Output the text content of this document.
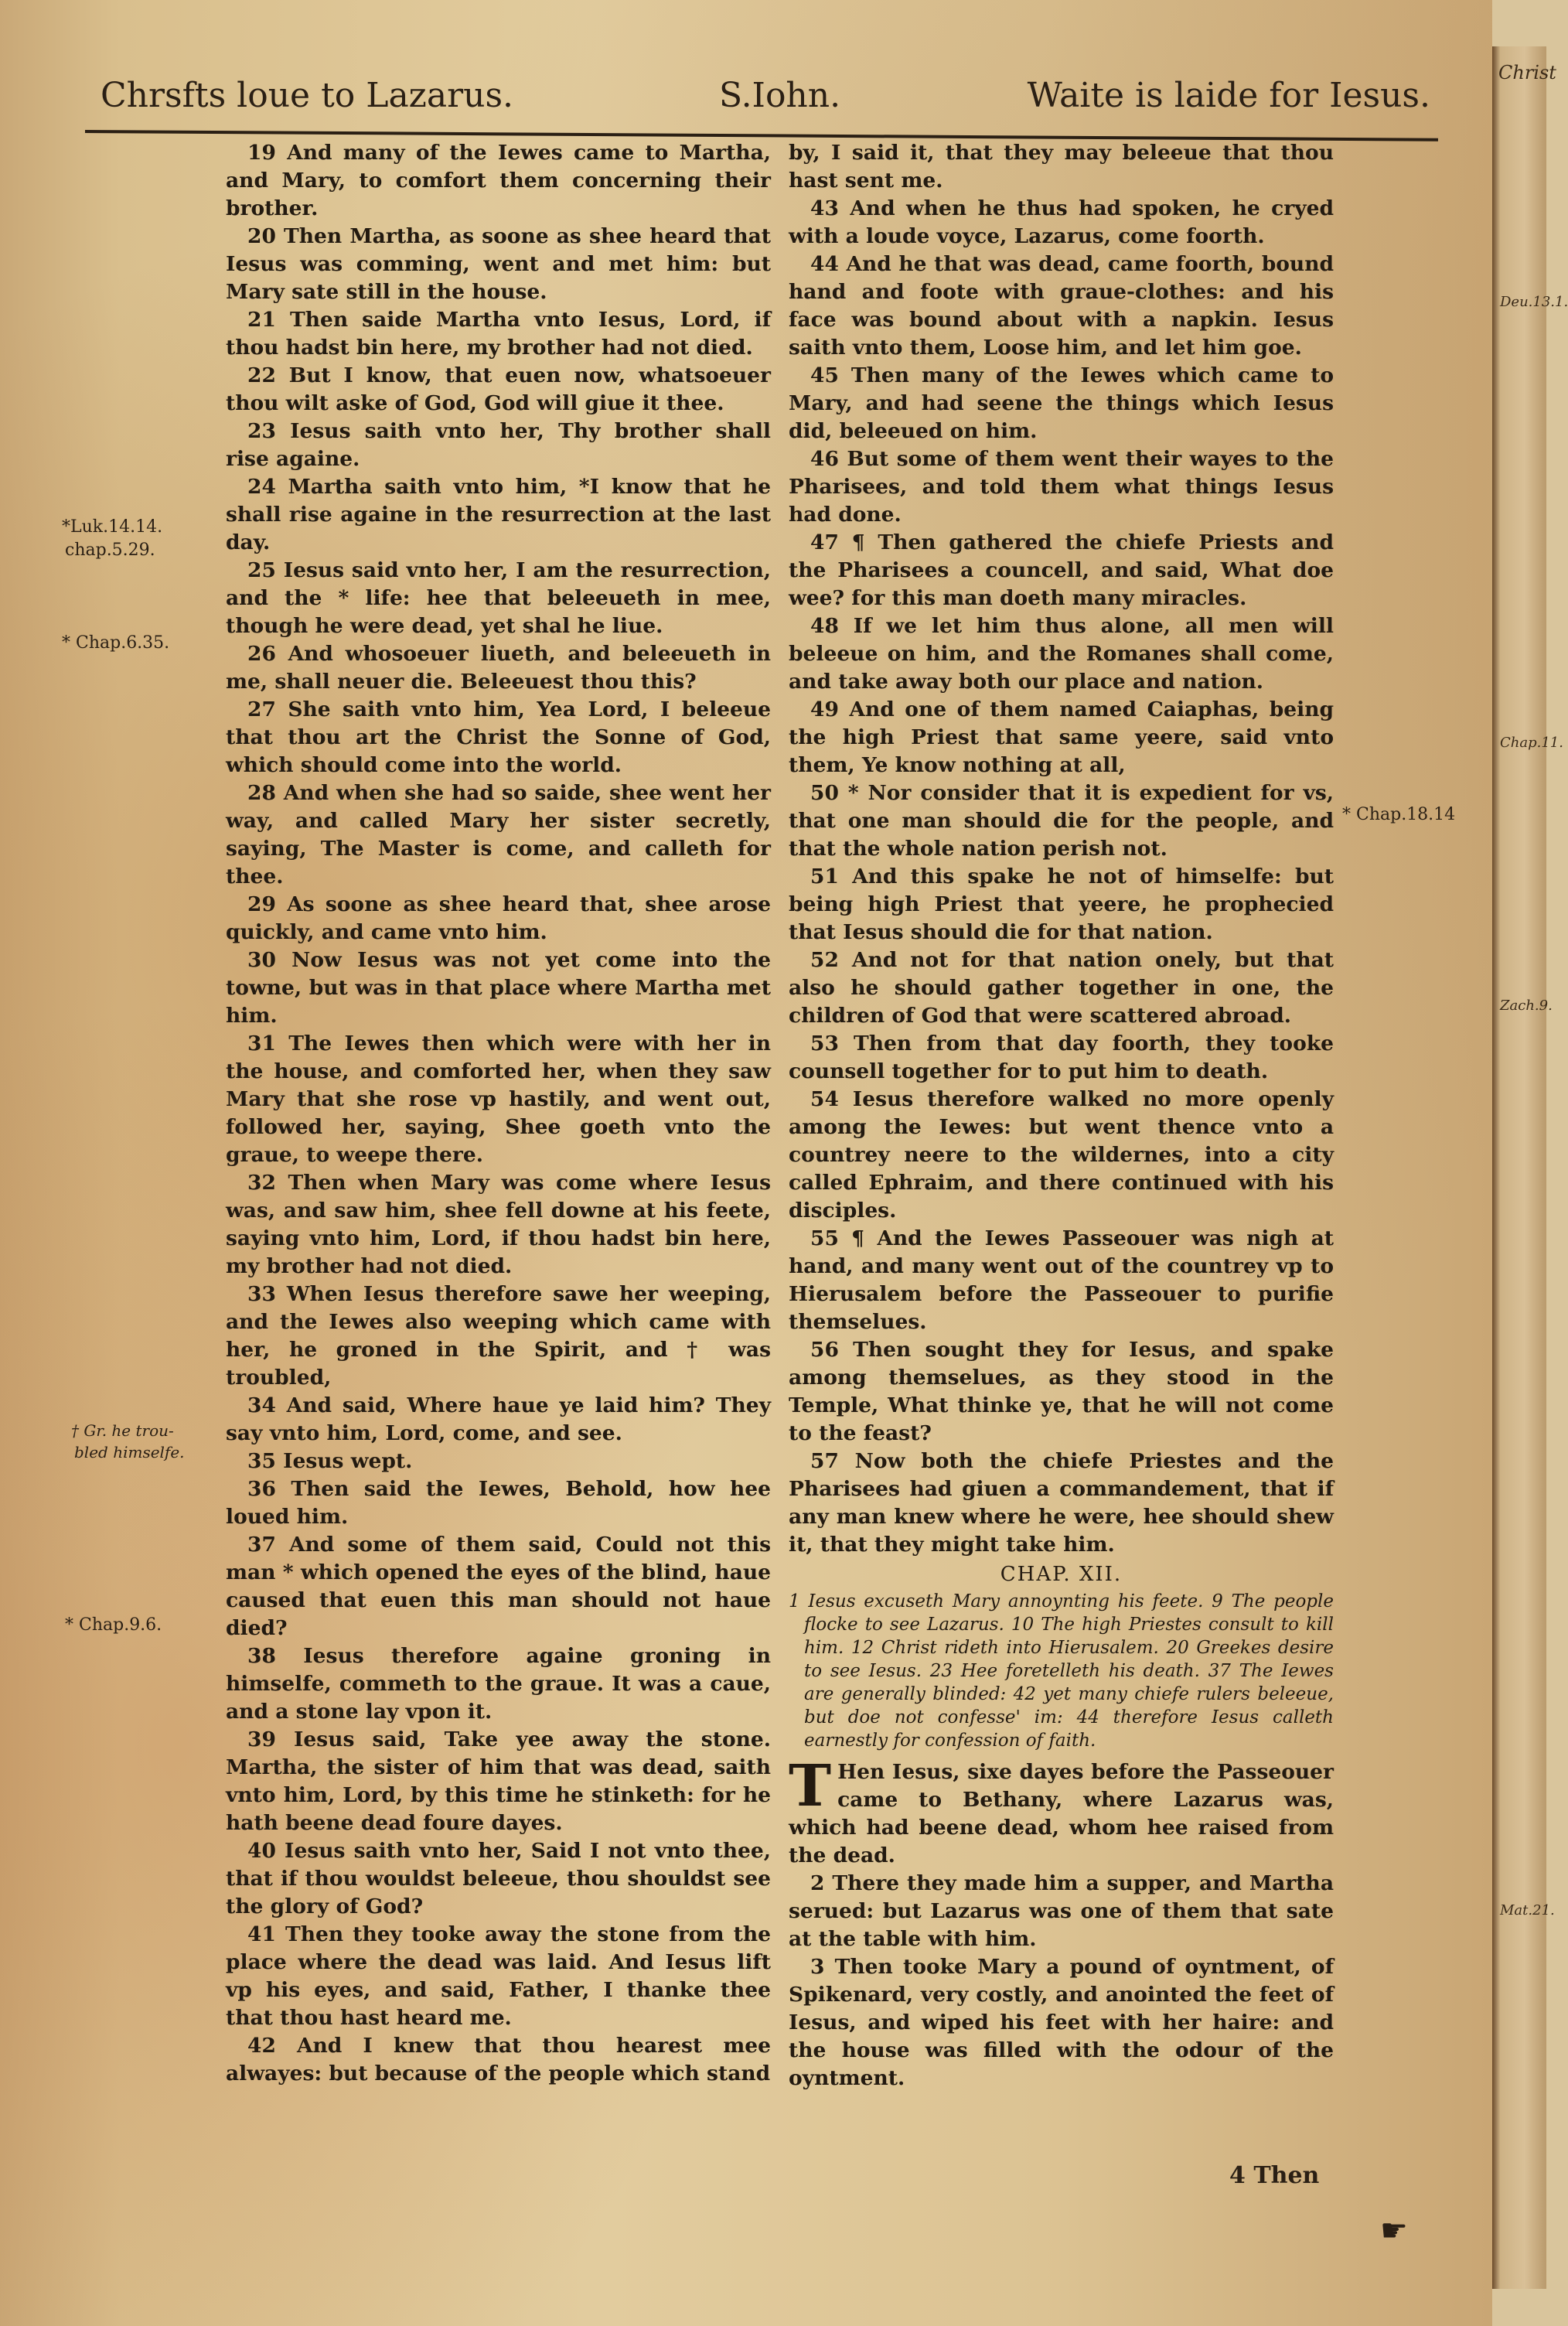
Chrsfts loue to Lazarus.	S.Iohn.	Waite is laide for Iesus.

19 And many of the Iewes came to Martha, and Mary, to comfort them concerning their brother.

20 Then Martha, as soone as shee heard that Iesus was comming, went and met him: but Mary sate still in the house.

21 Then saide Martha vnto Iesus, Lord, if thou hadst bin here, my brother had not died.

22 But I know, that euen now, whatsoeuer thou wilt aske of God, God will giue it thee.

23 Iesus saith vnto her, Thy brother shall rise againe.

24 Martha saith vnto him, *I know that he shall rise againe in the resurrection at the last day.

25 Iesus said vnto her, I am the resurrection, and the * life: hee that beleeueth in mee, though he were dead, yet shal he liue.

26 And whosoeuer liueth, and beleeueth in me, shall neuer die. Beleeuest thou this?

27 She saith vnto him, Yea Lord, I beleeue that thou art the Christ the Sonne of God, which should come into the world.

28 And when she had so saide, shee went her way, and called Mary her sister secretly, saying, The Master is come, and calleth for thee.

29 As soone as shee heard that, shee arose quickly, and came vnto him.

30 Now Iesus was not yet come into the towne, but was in that place where Martha met him.

31 The Iewes then which were with her in the house, and comforted her, when they saw Mary that she rose vp hastily, and went out, followed her, saying, Shee goeth vnto the graue, to weepe there.

32 Then when Mary was come where Iesus was, and saw him, shee fell downe at his feete, saying vnto him, Lord, if thou hadst bin here, my brother had not died.

33 When Iesus therefore sawe her weeping, and the Iewes also weeping which came with her, he groned in the Spirit, and † was troubled,

34 And said, Where haue ye laid him? They say vnto him, Lord, come, and see.

35 Iesus wept.

36 Then said the Iewes, Behold, how hee loued him.

37 And some of them said, Could not this man * which opened the eyes of the blind, haue caused that euen this man should not haue died?

38 Iesus therefore againe groning in himselfe, commeth to the graue. It was a caue, and a stone lay vpon it.

39 Iesus said, Take yee away the stone. Martha, the sister of him that was dead, saith vnto him, Lord, by this time he stinketh: for he hath beene dead foure dayes.

40 Iesus saith vnto her, Said I not vnto thee, that if thou wouldst beleeue, thou shouldst see the glory of God?

41 Then they tooke away the stone from the place where the dead was laid. And Iesus lift vp his eyes, and said, Father, I thanke thee that thou hast heard me.

42 And I knew that thou hearest mee alwayes: but because of the people which stand

by, I said it, that they may beleeue that thou hast sent me.

43 And when he thus had spoken, he cryed with a loude voyce, Lazarus, come foorth.

44 And he that was dead, came foorth, bound hand and foote with graue-clothes: and his face was bound about with a napkin. Iesus saith vnto them, Loose him, and let him goe.

45 Then many of the Iewes which came to Mary, and had seene the things which Iesus did, beleeued on him.

46 But some of them went their wayes to the Pharisees, and told them what things Iesus had done.

47 ¶ Then gathered the chiefe Priests and the Pharisees a councell, and said, What doe wee? for this man doeth many miracles.

48 If we let him thus alone, all men will beleeue on him, and the Romanes shall come, and take away both our place and nation.

49 And one of them named Caiaphas, being the high Priest that same yeere, said vnto them, Ye know nothing at all,

50 * Nor consider that it is expedient for vs, that one man should die for the people, and that the whole nation perish not.

51 And this spake he not of himselfe: but being high Priest that yeere, he prophecied that Iesus should die for that nation.

52 And not for that nation onely, but that also he should gather together in one, the children of God that were scattered abroad.

53 Then from that day foorth, they tooke counsell together for to put him to death.

54 Iesus therefore walked no more openly among the Iewes: but went thence vnto a countrey neere to the wildernes, into a city called Ephraim, and there continued with his disciples.

55 ¶ And the Iewes Passeouer was nigh at hand, and many went out of the countrey vp to Hierusalem before the Passeouer to purifie themselues.

56 Then sought they for Iesus, and spake among themselues, as they stood in the Temple, What thinke ye, that he will not come to the feast?

57 Now both the chiefe Priestes and the Pharisees had giuen a commandement, that if any man knew where he were, hee should shew it, that they might take him.

CHAP. XII.

1 Iesus excuseth Mary annoynting his feete. 9 The people flocke to see Lazarus. 10 The high Priestes consult to kill him. 12 Christ rideth into Hierusalem. 20 Greekes desire to see Iesus. 23 Hee foretelleth his death. 37 The Iewes are generally blinded: 42 yet many chiefe rulers beleeue, but doe not confesse' im: 44 therefore Iesus calleth earnestly for confession of faith.

T Hen Iesus, sixe dayes before the Passeouer came to Bethany, where Lazarus was, which had beene dead, whom hee raised from the dead.

2 There they made him a supper, and Martha serued: but Lazarus was one of them that sate at the table with him.

3 Then tooke Mary a pound of oyntment, of Spikenard, very costly, and anointed the feet of Iesus, and wiped his feet with her haire: and the house was filled with the odour of the oyntment.

*Luk.14.14.
chap.5.29.
* Chap.6.35.
† Gr. he trou-
bled himselfe.
* Chap.9.6.
* Chap.18.14
4 Then
☛
Christ
Deu.13.1.
Chap.11.
Zach.9.
Mat.21.
